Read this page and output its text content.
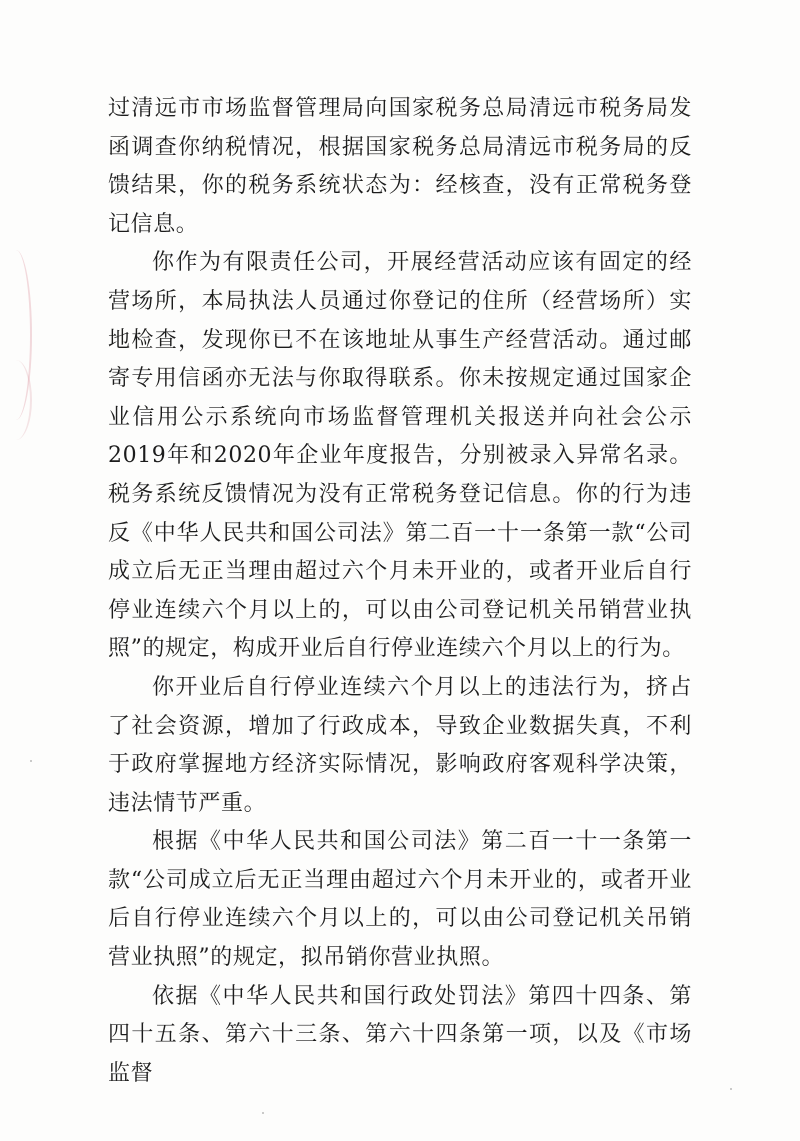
过清远市市场监督管理局向国家税务总局清远市税务局发函调查你纳税情况，根据国家税务总局清远市税务局的反馈结果，你的税务系统状态为：经核查，没有正常税务登记信息。

你作为有限责任公司，开展经营活动应该有固定的经营场所，本局执法人员通过你登记的住所（经营场所）实地检查，发现你已不在该地址从事生产经营活动。通过邮寄专用信函亦无法与你取得联系。你未按规定通过国家企业信用公示系统向市场监督管理机关报送并向社会公示2019年和2020年企业年度报告，分别被录入异常名录。税务系统反馈情况为没有正常税务登记信息。你的行为违反《中华人民共和国公司法》第二百一十一条第一款“公司成立后无正当理由超过六个月未开业的，或者开业后自行停业连续六个月以上的，可以由公司登记机关吊销营业执照”的规定，构成开业后自行停业连续六个月以上的行为。

你开业后自行停业连续六个月以上的违法行为，挤占了社会资源，增加了行政成本，导致企业数据失真，不利于政府掌握地方经济实际情况，影响政府客观科学决策，违法情节严重。

根据《中华人民共和国公司法》第二百一十一条第一款“公司成立后无正当理由超过六个月未开业的，或者开业后自行停业连续六个月以上的，可以由公司登记机关吊销营业执照”的规定，拟吊销你营业执照。

依据《中华人民共和国行政处罚法》第四十四条、第四十五条、第六十三条、第六十四条第一项，以及《市场监督
